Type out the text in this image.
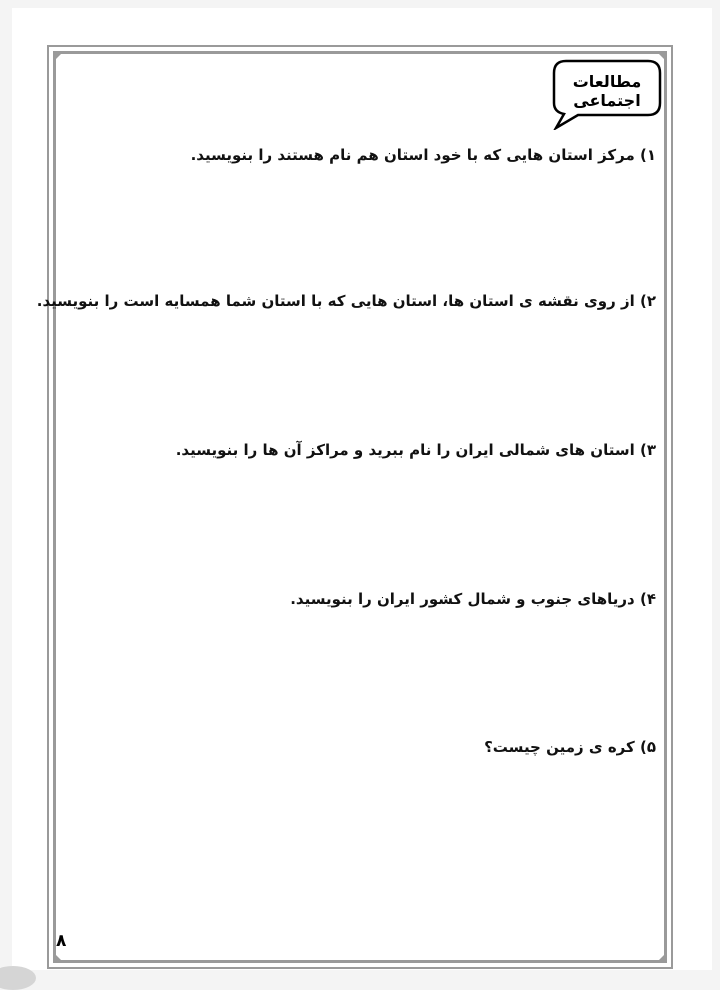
مطالعات اجتماعی
۱) مرکز استان هایی که با خود استان هم نام هستند را بنویسید.
۲) از روی نقشه ی استان ها، استان هایی که با استان شما همسایه است را بنویسید.
۳) استان های شمالی ایران را نام ببرید و مراکز آن ها را بنویسید.
۴) دریاهای جنوب و شمال کشور ایران را بنویسید.
۵) کره ی زمین چیست؟
۸
